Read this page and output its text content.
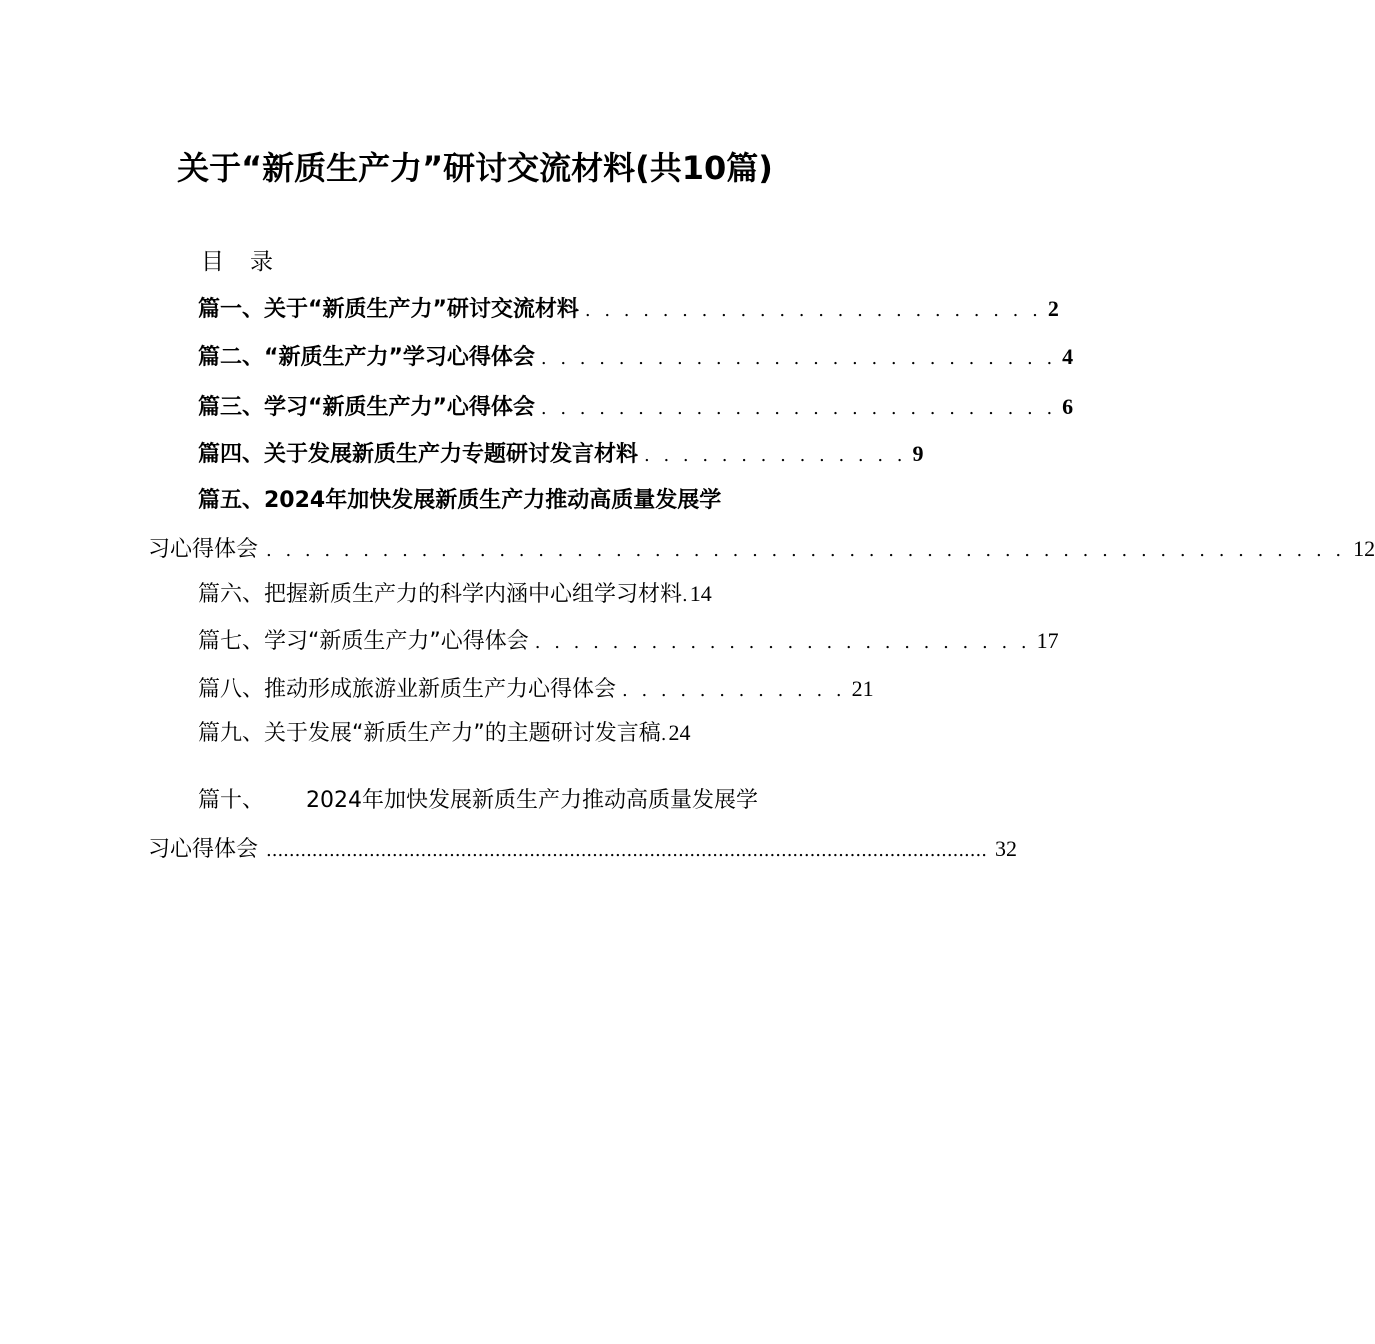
关于“新质生产力”研讨交流材料(共10篇)
目 录
篇一、关于“新质生产力”研讨交流材料 . . . . . . . . . . . . . . . . . . . . . . . . 2
篇二、“新质生产力”学习心得体会 . . . . . . . . . . . . . . . . . . . . . . . . . . . 4
篇三、学习“新质生产力”心得体会 . . . . . . . . . . . . . . . . . . . . . . . . . . . 6
篇四、关于发展新质生产力专题研讨发言材料 . . . . . . . . . . . . . . 9
篇五、2024年加快发展新质生产力推动高质量发展学
习心得体会 . . . . . . . . . . . . . . . . . . . . . . . . . . . . . . . . . . . . . . . . . . . . . . . . . . . . . . . . 12
篇六、把握新质生产力的科学内涵中心组学习材料 . 14
篇七、学习“新质生产力”心得体会 . . . . . . . . . . . . . . . . . . . . . . . . . . 17
篇八、推动形成旅游业新质生产力心得体会 . . . . . . . . . . . . 21
篇九、关于发展“新质生产力”的主题研讨发言稿 . 24
篇十、 2024年加快发展新质生产力推动高质量发展学
习心得体会 .............................................................................................................................. 32
